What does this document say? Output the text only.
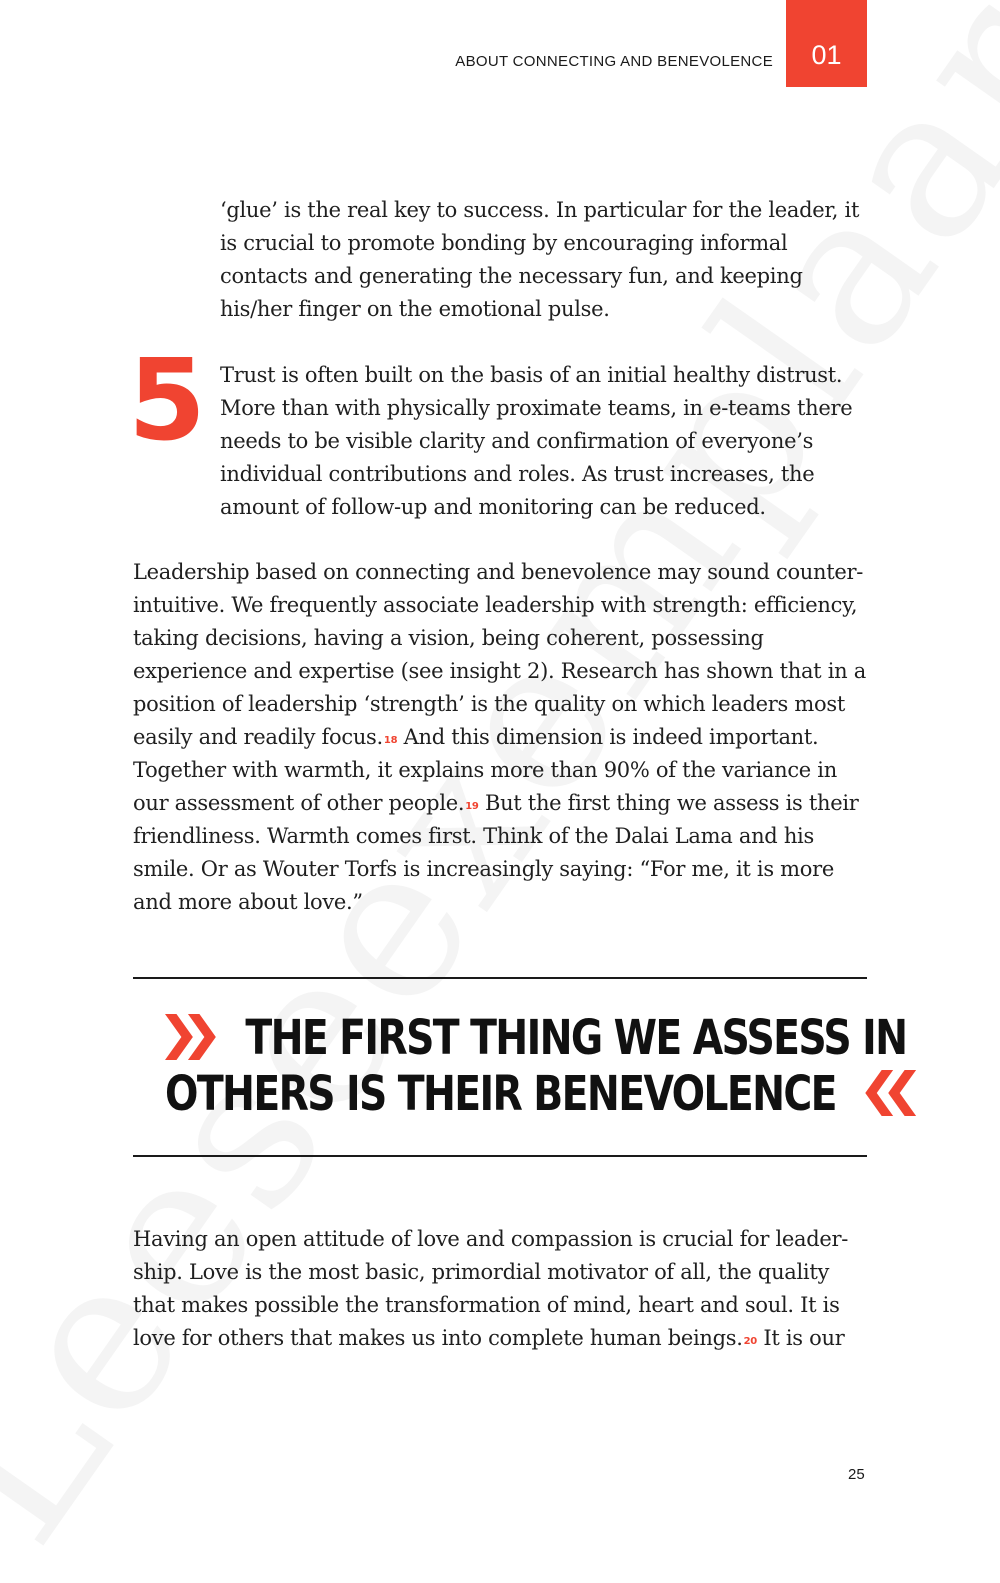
ABOUT CONNECTING AND BENEVOLENCE 01

‘glue’ is the real key to success. In particular for the leader, it is crucial to promote bonding by encouraging informal contacts and generating the necessary fun, and keeping his/her finger on the emotional pulse.

5 Trust is often built on the basis of an initial healthy distrust. More than with physically proximate teams, in e-teams there needs to be visible clarity and confirmation of everyone’s individual contributions and roles. As trust increases, the amount of follow-up and monitoring can be reduced.

Leadership based on connecting and benevolence may sound counter-intuitive. We frequently associate leadership with strength: efficiency, taking decisions, having a vision, being coherent, possessing experience and expertise (see insight 2). Research has shown that in a position of leadership ‘strength’ is the quality on which leaders most easily and readily focus.$^{18}$ And this dimension is indeed important. Together with warmth, it explains more than 90% of the variance in our assessment of other people.$^{19}$ But the first thing we assess is their friendliness. Warmth comes first. Think of the Dalai Lama and his smile. Or as Wouter Torfs is increasingly saying: “For me, it is more and more about love.”

THE FIRST THING WE ASSESS IN
OTHERS IS THEIR BENEVOLENCE

Having an open attitude of love and compassion is crucial for leader-ship. Love is the most basic, primordial motivator of all, the quality that makes possible the transformation of mind, heart and soul. It is love for others that makes us into complete human beings.$^{20}$ It is our

25
